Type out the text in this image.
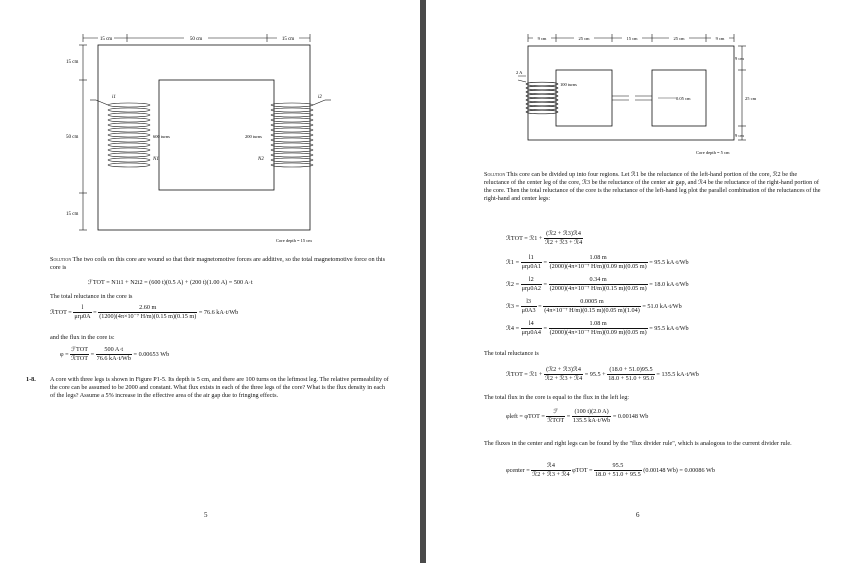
15 cm	50 cm	15 cm
15 cm
50 cm
15 cm
i1
600 turns
N1
i2
200 turns
N2
Core depth = 15 cm
Solution The two coils on this core are wound so that their magnetomotive forces are additive, so the total magnetomotive force on this core is
ℱTOT = N1i1 + N2i2 = (600 t)(0.5 A) + (200 t)(1.00 A) = 500 A·t
The total reluctance in the core is
ℛTOT = $\frac{l}{\text{μrμ0A}} = \frac{2.60 m}{\text{(1200)(4π×10⁻⁷ H/m)(0.15 m)(0.15 m)}} = 76.6$ kA·t/Wb
and the flux in the core is:
$\varphi = \frac{\text{ℱTOT}}{\text{ℛTOT}} = \frac{500 A\cdot t}{76.6 kA\cdot t/Wb} = 0.00653$ Wb
1-8. A core with three legs is shown in Figure P1-5. Its depth is 5 cm, and there are 100 turns on the leftmost leg. The relative permeability of the core can be assumed to be 2000 and constant. What flux exists in each of the three legs of the core? What is the flux density in each of the legs? Assume a 5% increase in the effective area of the air gap due to fringing effects.
5
9 cm	25 cm	15 cm	25 cm	9 cm
9 cm
25 cm
9 cm
2 A
100 turns
0.05 cm
Core depth = 5 cm
Solution This core can be divided up into four regions. Let ℛ1 be the reluctance of the left-hand portion of the core, ℛ2 be the reluctance of the center leg of the core, ℛ3 be the reluctance of the center air gap, and ℛ4 be the reluctance of the right-hand portion of the core. Then the total reluctance of the core is the reluctance of the left-hand leg plot the parallel combination of the reluctances of the right-hand and center legs:
ℛTOT = ℛ1 + $\frac{\text{(ℛ2 + ℛ3)ℛ4}}{\text{ℛ2 + ℛ3 + ℛ4}}$
ℛ1 = $\frac{l1}{\text{μrμ0A1}} = \frac{1.08 m}{\text{(2000)(4π×10⁻⁷ H/m)(0.09 m)(0.05 m)}} = 95.5$ kA·t/Wb
ℛ2 = $\frac{l2}{\text{μrμ0A2}} = \frac{0.34 m}{\text{(2000)(4π×10⁻⁷ H/m)(0.15 m)(0.05 m)}} = 18.0$ kA·t/Wb
ℛ3 = $\frac{l3}{\mu 0A3} = \frac{0.0005 m}{\text{(4π×10⁻⁷ H/m)(0.15 m)(0.05 m)(1.04)}} = 51.0$ kA·t/Wb
ℛ4 = $\frac{l4}{\text{μrμ0A4}} = \frac{1.08 m}{\text{(2000)(4π×10⁻⁷ H/m)(0.09 m)(0.05 m)}} = 95.5$ kA·t/Wb
The total reluctance is
ℛTOT = ℛ1 + $\frac{\text{(ℛ2 + ℛ3)ℛ4}}{\text{ℛ2 + ℛ3 + ℛ4}} = 95.5 + \frac{(18.0 + 51.0)95.5}{18.0 + 51.0 + 95.0} = 135.5$ kA·t/Wb
The total flux in the core is equal to the flux in the left leg:
φleft = $\varphi TOT = \frac{\text{ℱ}}{\text{ℛTOT}} = \frac{(100 t)(2.0 A)}{135.5 kA\cdot t/Wb} = 0.00148$ Wb
The fluxes in the center and right legs can be found by the "flux divider rule", which is analogous to the current divider rule.
φcenter = $\frac{\text{ℛ4}}{\text{ℛ2 + ℛ3 + ℛ4}}$ $\varphi TOT = \frac{95.5}{18.0 + 51.0 + 95.5} (0.00148$ Wb) = 0.00086 Wb
6
